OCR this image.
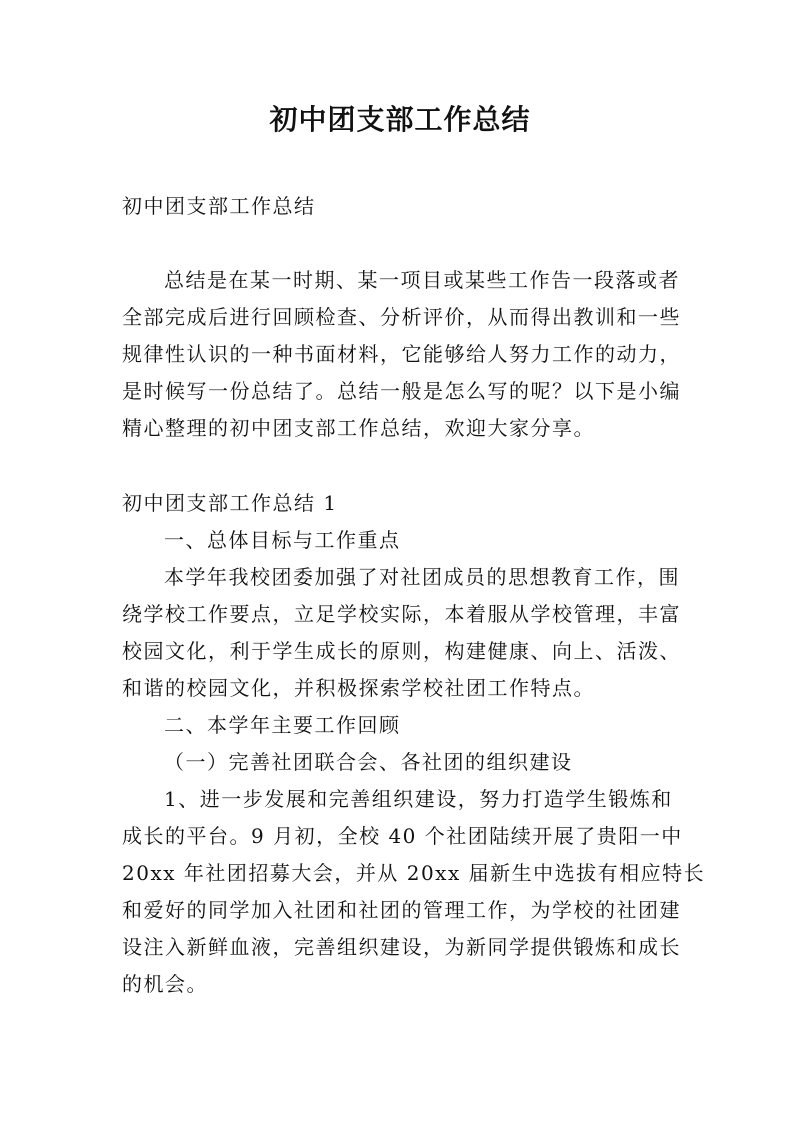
初中团支部工作总结

初中团支部工作总结

总结是在某一时期、某一项目或某些工作告一段落或者

全部完成后进行回顾检查、分析评价，从而得出教训和一些

规律性认识的一种书面材料，它能够给人努力工作的动力，

是时候写一份总结了。总结一般是怎么写的呢？以下是小编

精心整理的初中团支部工作总结，欢迎大家分享。

初中团支部工作总结 1

一、总体目标与工作重点

本学年我校团委加强了对社团成员的思想教育工作，围

绕学校工作要点，立足学校实际，本着服从学校管理，丰富

校园文化，利于学生成长的原则，构建健康、向上、活泼、

和谐的校园文化，并积极探索学校社团工作特点。

二、本学年主要工作回顾

（一）完善社团联合会、各社团的组织建设

1、进一步发展和完善组织建设，努力打造学生锻炼和

成长的平台。9 月初，全校 40 个社团陆续开展了贵阳一中

20xx 年社团招募大会，并从 20xx 届新生中选拔有相应特长

和爱好的同学加入社团和社团的管理工作，为学校的社团建

设注入新鲜血液，完善组织建设，为新同学提供锻炼和成长

的机会。
